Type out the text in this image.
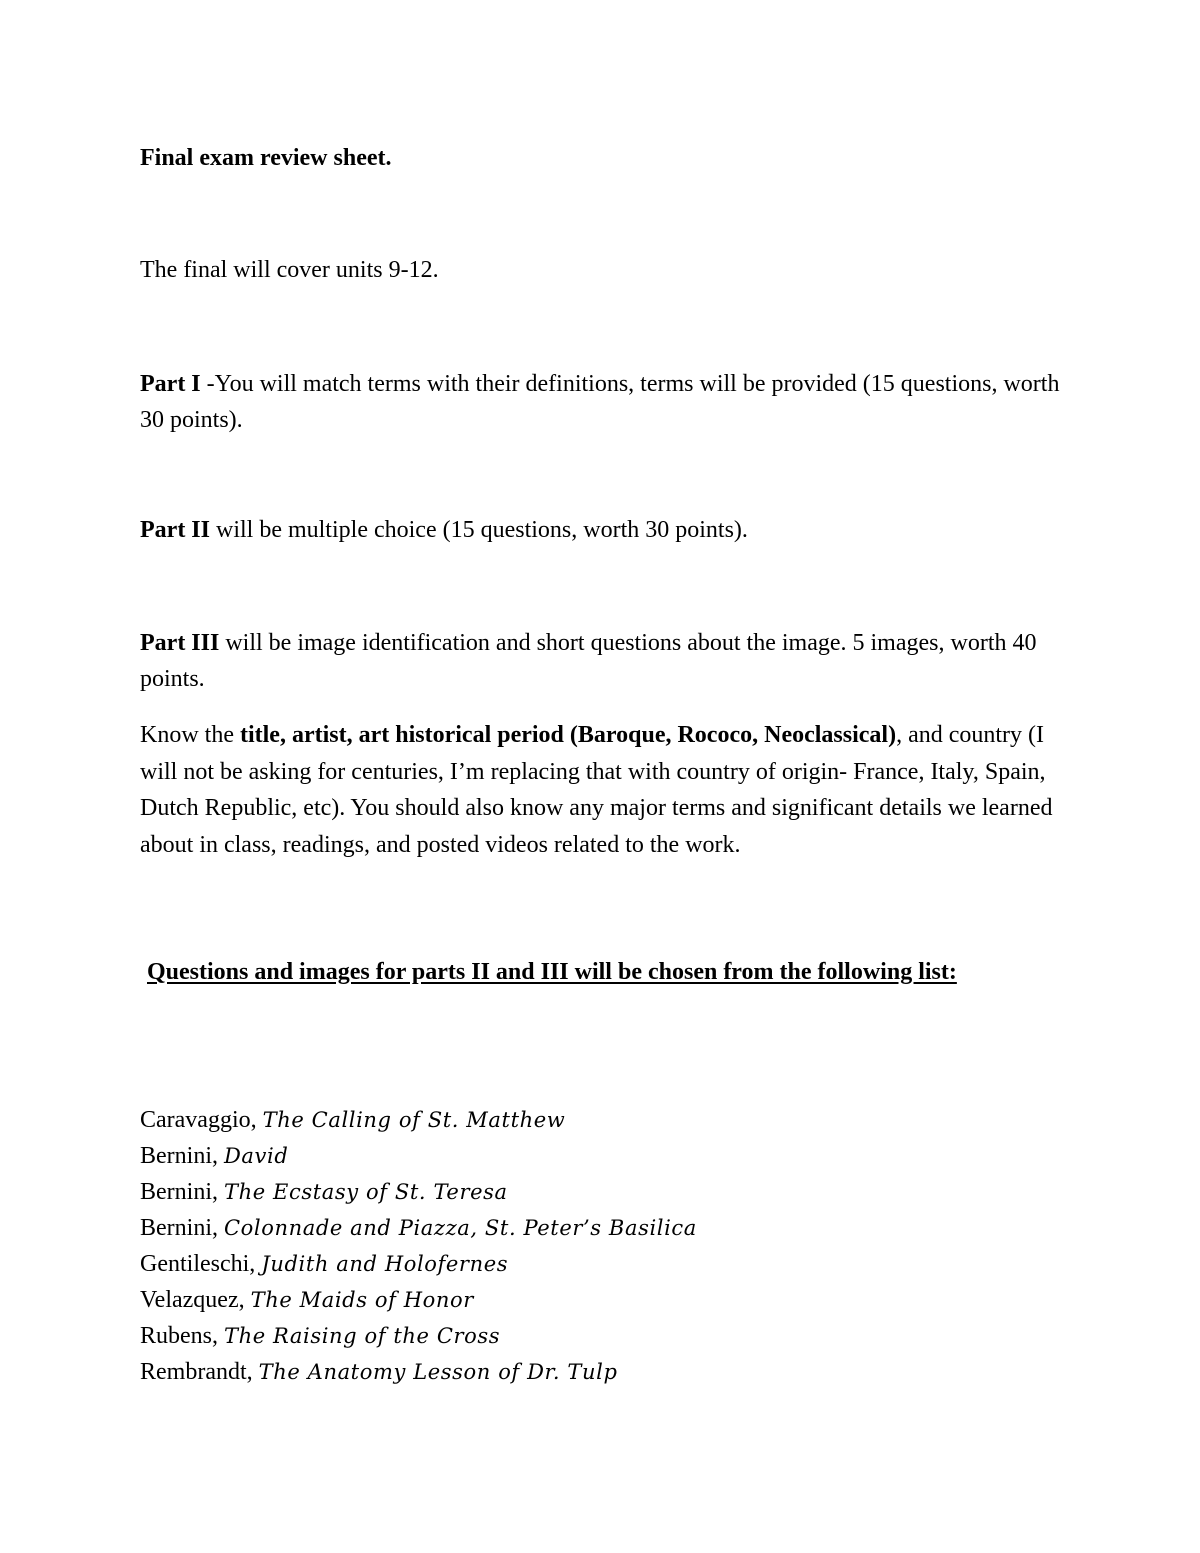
Final exam review sheet.

The final will cover units 9-12.

Part I -You will match terms with their definitions, terms will be provided (15 questions, worth 30 points).

Part II will be multiple choice (15 questions, worth 30 points).

Part III will be image identification and short questions about the image. 5 images, worth 40 points.

Know the title, artist, art historical period (Baroque, Rococo, Neoclassical), and country (I will not be asking for centuries, I’m replacing that with country of origin- France, Italy, Spain, Dutch Republic, etc). You should also know any major terms and significant details we learned about in class, readings, and posted videos related to the work.

Questions and images for parts II and III will be chosen from the following list:

Caravaggio, The Calling of St. Matthew
Bernini, David
Bernini, The Ecstasy of St. Teresa
Bernini, Colonnade and Piazza, St. Peter’s Basilica
Gentileschi, Judith and Holofernes
Velazquez, The Maids of Honor
Rubens, The Raising of the Cross
Rembrandt, The Anatomy Lesson of Dr. Tulp
